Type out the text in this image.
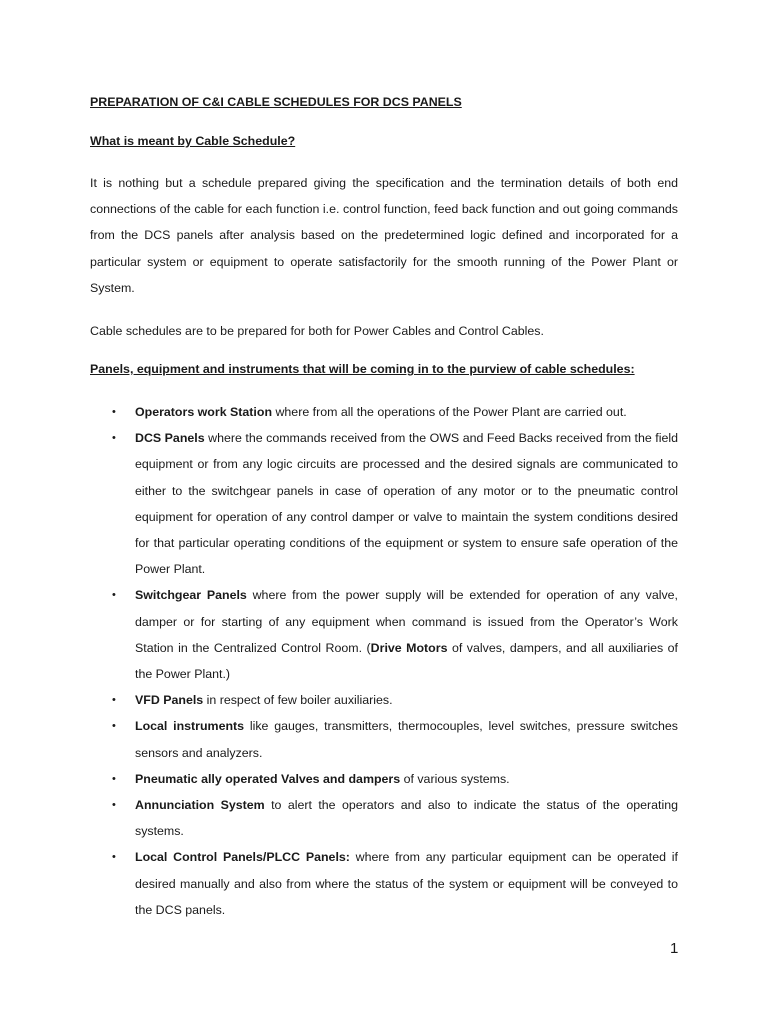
PREPARATION OF C&I CABLE SCHEDULES FOR DCS PANELS

What is meant by Cable Schedule?
It is nothing but a schedule prepared giving the specification and the termination details of both end connections of the cable for each function i.e. control function, feed back function and out going commands from the DCS panels after analysis based on the predetermined logic defined and incorporated for a particular system or equipment to operate satisfactorily for the smooth running of the Power Plant or System.
Cable schedules are to be prepared for both for Power Cables and Control Cables.
Panels, equipment and instruments that will be coming in to the purview of cable schedules:
• Operators work Station where from all the operations of the Power Plant are carried out.
• DCS Panels where the commands received from the OWS and Feed Backs received from the field equipment or from any logic circuits are processed and the desired signals are communicated to either to the switchgear panels in case of operation of any motor or to the pneumatic control equipment for operation of any control damper or valve to maintain the system conditions desired for that particular operating conditions of the equipment or system to ensure safe operation of the Power Plant.
• Switchgear Panels where from the power supply will be extended for operation of any valve, damper or for starting of any equipment when command is issued from the Operator’s Work Station in the Centralized Control Room. (Drive Motors of valves, dampers, and all auxiliaries of the Power Plant.)
• VFD Panels in respect of few boiler auxiliaries.
• Local instruments like gauges, transmitters, thermocouples, level switches, pressure switches sensors and analyzers.
• Pneumatic ally operated Valves and dampers of various systems.
• Annunciation System to alert the operators and also to indicate the status of the operating systems.
• Local Control Panels/PLCC Panels: where from any particular equipment can be operated if desired manually and also from where the status of the system or equipment will be conveyed to the DCS panels.
1
